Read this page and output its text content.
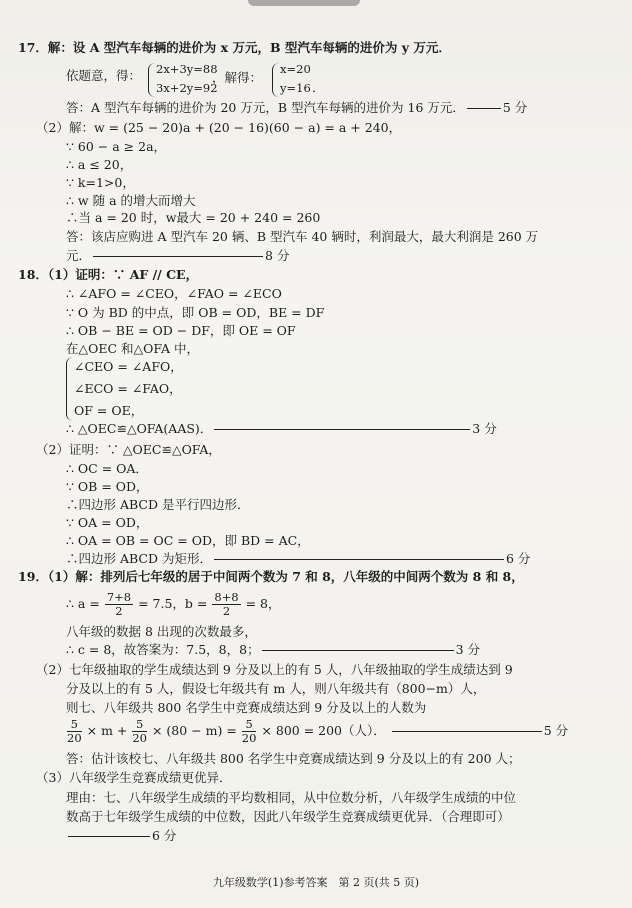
17．解：设 A 型汽车每辆的进价为 x 万元，B 型汽车每辆的进价为 y 万元．
依题意，得： 2x+3y=88
3x+2y=92
，解得：
x=20
y=16 ．
答：A 型汽车每辆的进价为 20 万元，B 型汽车每辆的进价为 16 万元．	5 分
（2）解：w = (25 − 20)a + (20 − 16)(60 − a) = a + 240，
∵ 60 − a ≥ 2a，
∴ a ≤ 20，
∵ k=1>0，
∴ w 随 a 的增大而增大
∴当 a = 20 时，w最大 = 20 + 240 = 260
答：该店应购进 A 型汽车 20 辆、B 型汽车 40 辆时，利润最大，最大利润是 260 万
元．	8 分
18．（1）证明：∵ AF // CE，
∴ ∠AFO = ∠CEO，∠FAO = ∠ECO
∵ O 为 BD 的中点，即 OB = OD，BE = DF
∴ OB − BE = OD − DF，即 OE = OF
在△OEC 和△OFA 中，
∠CEO = ∠AFO，
∠ECO = ∠FAO，
OF = OE，
∴ △OEC≌△OFA(AAS)．	3 分
（2）证明：∵ △OEC≌△OFA，
∴ OC = OA．
∵ OB = OD，
∴四边形 ABCD 是平行四边形．
∵ OA = OD，
∴ OA = OB = OC = OD，即 BD = AC，
∴四边形 ABCD 为矩形．	6 分
19．（1）解：排列后七年级的居于中间两个数为 7 和 8，八年级的中间两个数为 8 和 8，
∴ $a = \frac{7+8}{2} = 7.5$，$b = \frac{8+8}{2} = 8$，
八年级的数据 8 出现的次数最多，
∴ c = 8，故答案为：7.5，8，8；	3 分
（2）七年级抽取的学生成绩达到 9 分及以上的有 5 人，八年级抽取的学生成绩达到 9
分及以上的有 5 人，假设七年级共有 m 人，则八年级共有（800−m）人，
则七、八年级共 800 名学生中竞赛成绩达到 9 分及以上的人数为
$\frac{5}{20} \times m + \frac{5}{20} \times (80 - m) = \frac{5}{20} \times 800 = 200$（人）．	5 分
答：估计该校七、八年级共 800 名学生中竞赛成绩达到 9 分及以上的有 200 人；
（3）八年级学生竞赛成绩更优异．
理由：七、八年级学生成绩的平均数相同，从中位数分析，八年级学生成绩的中位
数高于七年级学生成绩的中位数，因此八年级学生竞赛成绩更优异．（合理即可）
6 分
九年级数学(1)参考答案　第 2 页(共 5 页)
